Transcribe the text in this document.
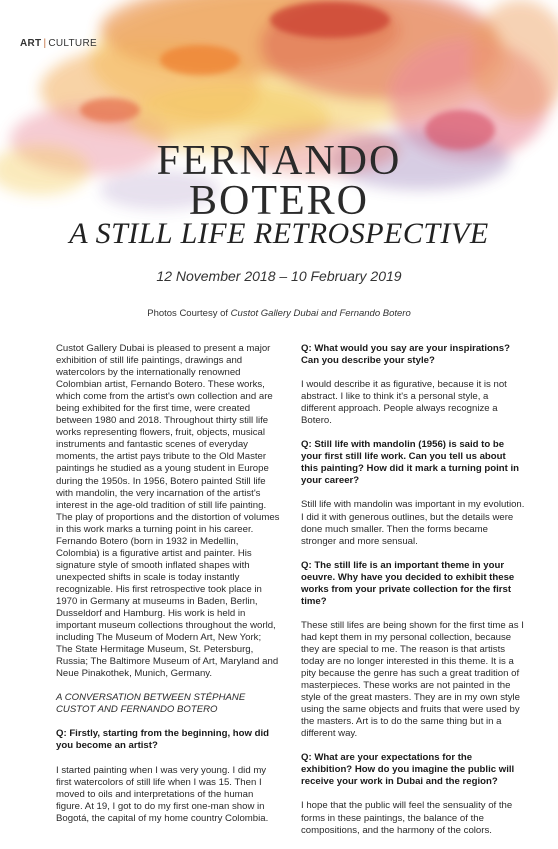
ART | CULTURE
FERNANDO
BOTERO
A STILL LIFE RETROSPECTIVE
12 November 2018 – 10 February 2019
Photos Courtesy of Custot Gallery Dubai and Fernando Botero

Custot Gallery Dubai is pleased to present a major exhibition of still life paintings, drawings and watercolors by the internationally renowned Colombian artist, Fernando Botero. These works, which come from the artist's own collection and are being exhibited for the first time, were created between 1980 and 2018. Throughout thirty still life works representing flowers, fruit, objects, musical instruments and fantastic scenes of everyday moments, the artist pays tribute to the Old Master paintings he studied as a young student in Europe during the 1950s. In 1956, Botero painted Still life with mandolin, the very incarnation of the artist's interest in the age-old tradition of still life painting. The play of proportions and the distortion of volumes in this work marks a turning point in his career. Fernando Botero (born in 1932 in Medellin, Colombia) is a figurative artist and painter. His signature style of smooth inflated shapes with unexpected shifts in scale is today instantly recognizable. His first retrospective took place in 1970 in Germany at museums in Baden, Berlin, Dusseldorf and Hamburg. His work is held in important museum collections throughout the world, including The Museum of Modern Art, New York; The State Hermitage Museum, St. Petersburg, Russia; The Baltimore Museum of Art, Maryland and Neue Pinakothek, Munich, Germany.

A CONVERSATION BETWEEN STÉPHANE CUSTOT AND FERNANDO BOTERO

Q: Firstly, starting from the beginning, how did you become an artist?

I started painting when I was very young. I did my first watercolors of still life when I was 15. Then I moved to oils and interpretations of the human figure. At 19, I got to do my first one-man show in Bogotá, the capital of my home country Colombia.

Q: What would you say are your inspirations? Can you describe your style?

I would describe it as figurative, because it is not abstract. I like to think it's a personal style, a different approach. People always recognize a Botero.

Q: Still life with mandolin (1956) is said to be your first still life work. Can you tell us about this painting? How did it mark a turning point in your career?

Still life with mandolin was important in my evolution. I did it with generous outlines, but the details were done much smaller. Then the forms became stronger and more sensual.

Q: The still life is an important theme in your oeuvre. Why have you decided to exhibit these works from your private collection for the first time?

These still lifes are being shown for the first time as I had kept them in my personal collection, because they are special to me. The reason is that artists today are no longer interested in this theme. It is a pity because the genre has such a great tradition of masterpieces. These works are not painted in the style of the great masters. They are in my own style using the same objects and fruits that were used by the masters. Art is to do the same thing but in a different way.

Q: What are your expectations for the exhibition? How do you imagine the public will receive your work in Dubai and the region?

I hope that the public will feel the sensuality of the forms in these paintings, the balance of the compositions, and the harmony of the colors.
